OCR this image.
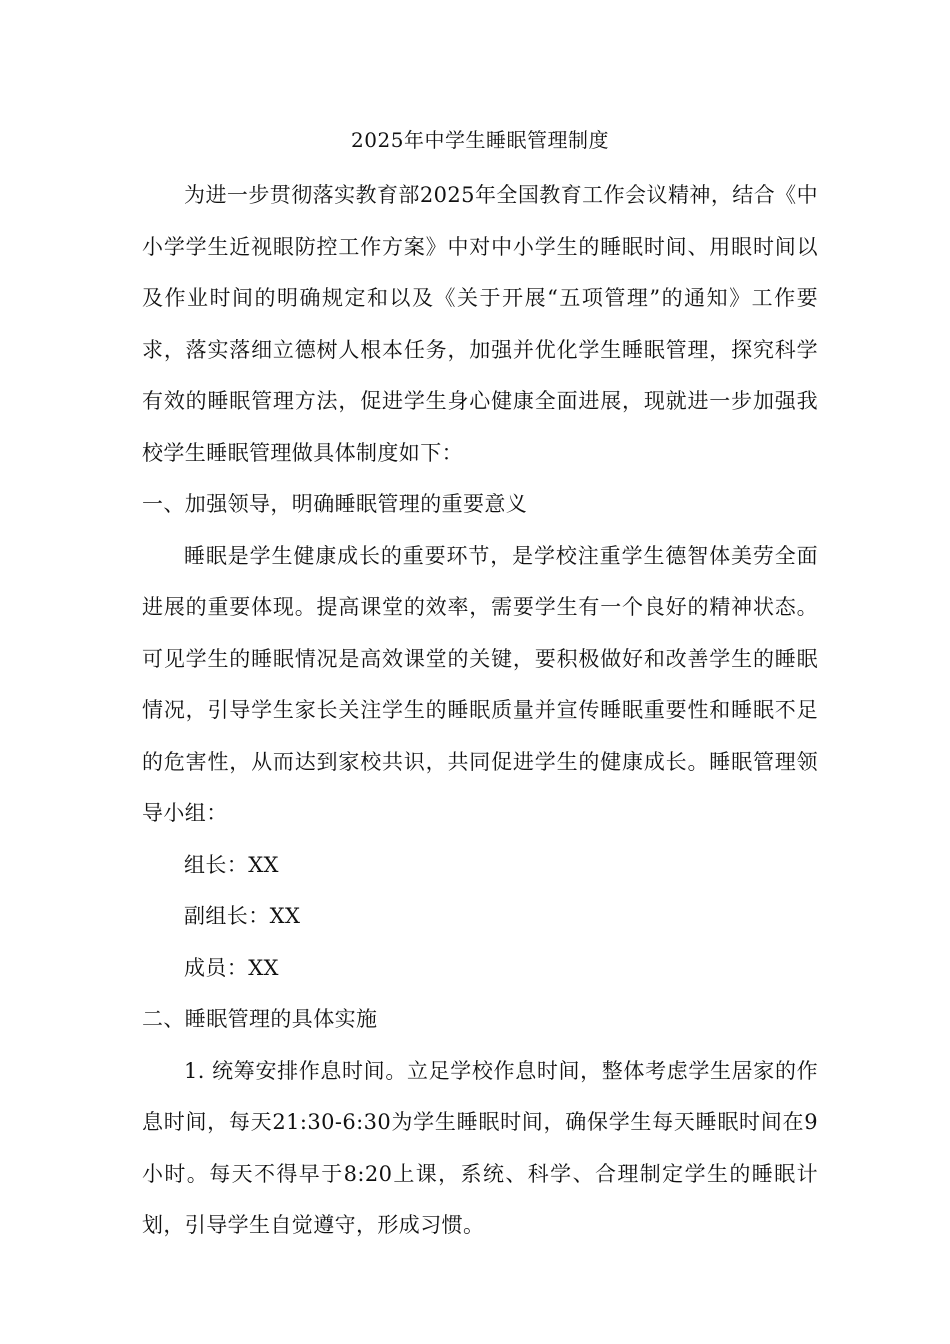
2025年中学生睡眠管理制度

为进一步贯彻落实教育部2025年全国教育工作会议精神，结合《中小学学生近视眼防控工作方案》中对中小学生的睡眠时间、用眼时间以及作业时间的明确规定和以及《关于开展“五项管理”的通知》工作要求，落实落细立德树人根本任务，加强并优化学生睡眠管理，探究科学有效的睡眠管理方法，促进学生身心健康全面进展，现就进一步加强我校学生睡眠管理做具体制度如下：

一、加强领导，明确睡眠管理的重要意义

睡眠是学生健康成长的重要环节，是学校注重学生德智体美劳全面进展的重要体现。提高课堂的效率，需要学生有一个良好的精神状态。可见学生的睡眠情况是高效课堂的关键，要积极做好和改善学生的睡眠情况，引导学生家长关注学生的睡眠质量并宣传睡眠重要性和睡眠不足的危害性，从而达到家校共识，共同促进学生的健康成长。睡眠管理领导小组：

组长：XX

副组长：XX

成员：XX

二、睡眠管理的具体实施

1. 统筹安排作息时间。立足学校作息时间，整体考虑学生居家的作息时间，每天21:30-6:30为学生睡眠时间，确保学生每天睡眠时间在9小时。每天不得早于8:20上课，系统、科学、合理制定学生的睡眠计划，引导学生自觉遵守，形成习惯。
